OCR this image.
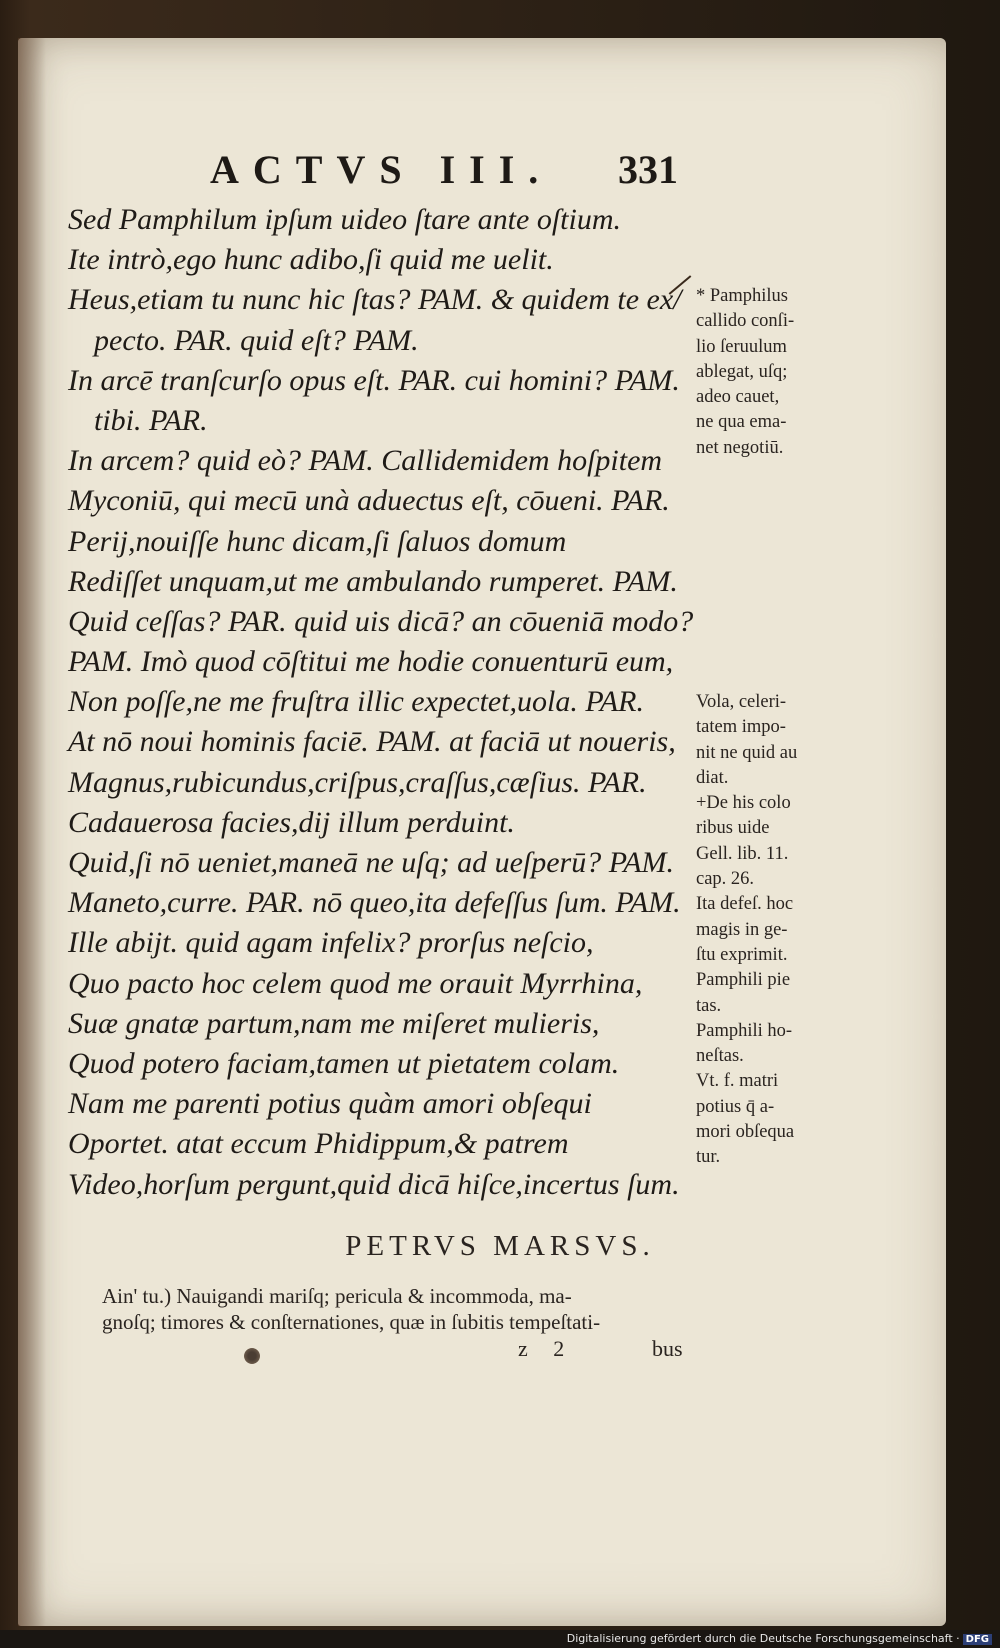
ACTVS III. 331
Sed Pamphilum ipſum uideo ſtare ante oſtium.
Ite intrò,ego hunc adibo,ſi quid me uelit.
Heus,etiam tu nunc hic ſtas? PAM. & quidem te ex/
pecto. PAR. quid eſt? PAM.
In arcē tranſcurſo opus eſt. PAR. cui homini? PAM.
tibi. PAR.
In arcem? quid eò? PAM. Callidemidem hoſpitem
Myconiū, qui mecū unà aduectus eſt, cōueni. PAR.
Perij,nouiſſe hunc dicam,ſi ſaluos domum
Rediſſet unquam,ut me ambulando rumperet. PAM.
Quid ceſſas? PAR. quid uis dicā? an cōueniā modo?
PAM. Imò quod cōſtitui me hodie conuenturū eum,
Non poſſe,ne me fruſtra illic expectet,uola. PAR.
At nō noui hominis faciē. PAM. at faciā ut noueris,
Magnus,rubicundus,criſpus,craſſus,cæſius. PAR.
Cadauerosa facies,dij illum perduint.
Quid,ſi nō ueniet,maneā ne uſq; ad ueſperū? PAM.
Maneto,curre. PAR. nō queo,ita defeſſus ſum. PAM.
Ille abijt. quid agam infelix? prorſus neſcio,
Quo pacto hoc celem quod me orauit Myrrhina,
Suæ gnatæ partum,nam me miſeret mulieris,
Quod potero faciam,tamen ut pietatem colam.
Nam me parenti potius quàm amori obſequi
Oportet. atat eccum Phidippum,& patrem
Video,horſum pergunt,quid dicā hiſce,incertus ſum.
* Pamphilus
callido conſi-
lio ſeruulum
ablegat, uſq;
adeo cauet,
ne qua ema-
net negotiū.
Vola, celeri-
tatem impo-
nit ne quid au
diat.
+De his colo
ribus uide
Gell. lib. 11.
cap. 26.
Ita defeſ. hoc
magis in ge-
ſtu exprimit.
Pamphili pie
tas.
Pamphili ho-
neſtas.
Vt. f. matri
potius q̄ a-
mori obſequa
tur.
PETRVS MARSVS.
Ain' tu.) Nauigandi mariſq; pericula & incommoda, ma-
gnoſq; timores & conſternationes, quæ in ſubitis tempeſtati-
z 2	bus
Digitalisierung gefördert durch die Deutsche Forschungsgemeinschaft · DFG
